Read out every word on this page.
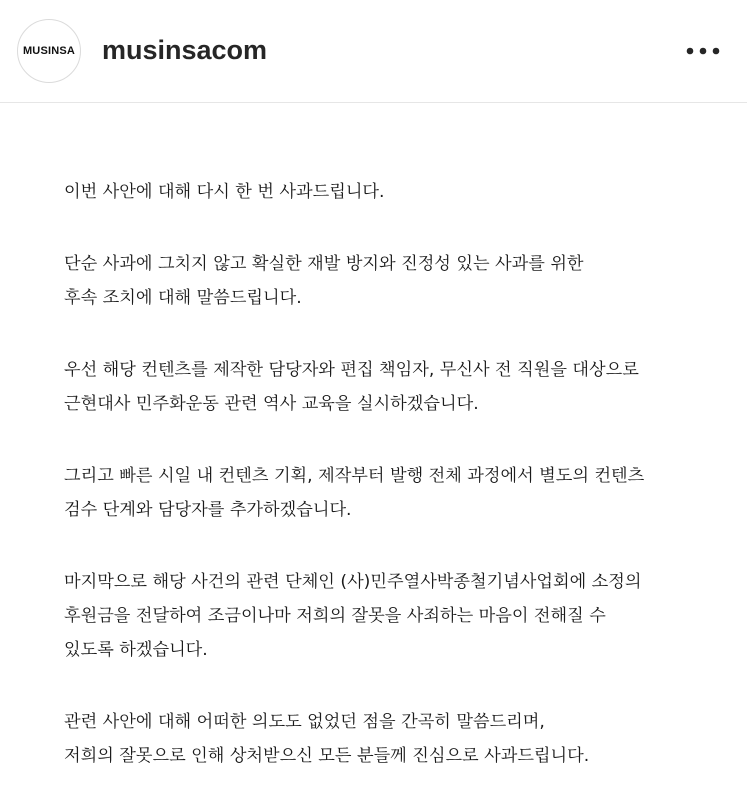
MUSINSA musinsacom
이번 사안에 대해 다시 한 번 사과드립니다.
단순 사과에 그치지 않고 확실한 재발 방지와 진정성 있는 사과를 위한
후속 조치에 대해 말씀드립니다.
우선 해당 컨텐츠를 제작한 담당자와 편집 책임자, 무신사 전 직원을 대상으로
근현대사 민주화운동 관련 역사 교육을 실시하겠습니다.
그리고 빠른 시일 내 컨텐츠 기획, 제작부터 발행 전체 과정에서 별도의 컨텐츠
검수 단계와 담당자를 추가하겠습니다.
마지막으로 해당 사건의 관련 단체인 (사)민주열사박종철기념사업회에 소정의
후원금을 전달하여 조금이나마 저희의 잘못을 사죄하는 마음이 전해질 수
있도록 하겠습니다.
관련 사안에 대해 어떠한 의도도 없었던 점을 간곡히 말씀드리며,
저희의 잘못으로 인해 상처받으신 모든 분들께 진심으로 사과드립니다.
